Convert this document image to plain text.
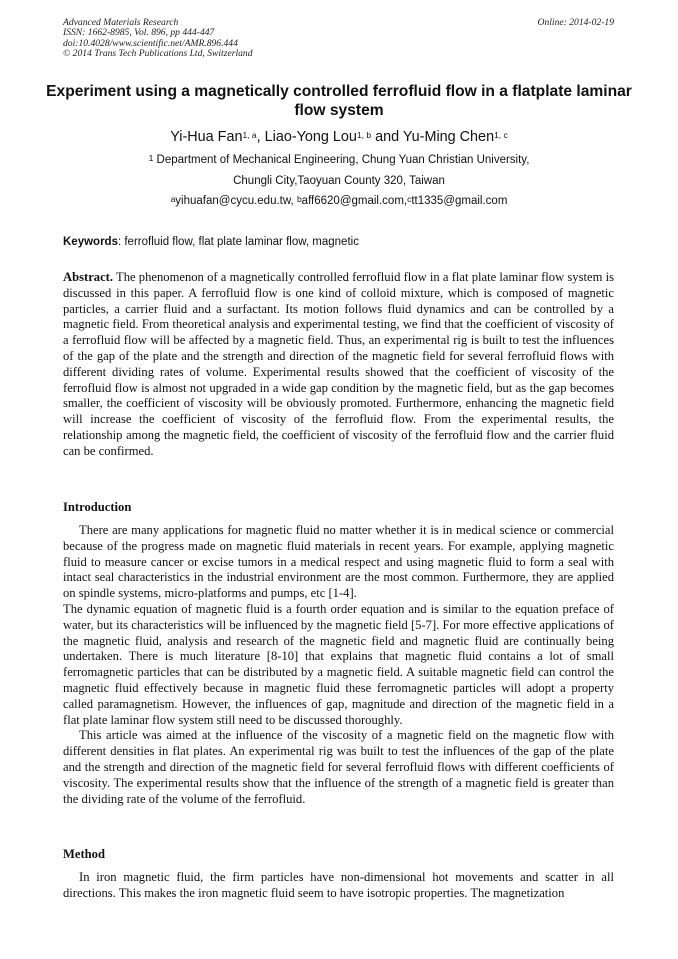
Advanced Materials Research
ISSN: 1662-8985, Vol. 896, pp 444-447
doi:10.4028/www.scientific.net/AMR.896.444
© 2014 Trans Tech Publications Ltd, Switzerland
Online: 2014-02-19
Experiment using a magnetically controlled ferrofluid flow in a flatplate laminar flow system
Yi-Hua Fan$^{1, a}$, Liao-Yong Lou$^{1, b}$ and Yu-Ming Chen$^{1, c}$
$^1$ Department of Mechanical Engineering, Chung Yuan Christian University,
Chungli City,Taoyuan County 320, Taiwan
$^a$yihuafan@cycu.edu.tw, $^b$aff6620@gmail.com,$^c$tt1335@gmail.com
Keywords: ferrofluid flow, flat plate laminar flow, magnetic
Abstract. The phenomenon of a magnetically controlled ferrofluid flow in a flat plate laminar flow system is discussed in this paper. A ferrofluid flow is one kind of colloid mixture, which is composed of magnetic particles, a carrier fluid and a surfactant. Its motion follows fluid dynamics and can be controlled by a magnetic field. From theoretical analysis and experimental testing, we find that the coefficient of viscosity of a ferrofluid flow will be affected by a magnetic field. Thus, an experimental rig is built to test the influences of the gap of the plate and the strength and direction of the magnetic field for several ferrofluid flows with different dividing rates of volume. Experimental results showed that the coefficient of viscosity of the ferrofluid flow is almost not upgraded in a wide gap condition by the magnetic field, but as the gap becomes smaller, the coefficient of viscosity will be obviously promoted. Furthermore, enhancing the magnetic field will increase the coefficient of viscosity of the ferrofluid flow. From the experimental results, the relationship among the magnetic field, the coefficient of viscosity of the ferrofluid flow and the carrier fluid can be confirmed.
Introduction

There are many applications for magnetic fluid no matter whether it is in medical science or commercial because of the progress made on magnetic fluid materials in recent years. For example, applying magnetic fluid to measure cancer or excise tumors in a medical respect and using magnetic fluid to form a seal with intact seal characteristics in the industrial environment are the most common. Furthermore, they are applied on spindle systems, micro-platforms and pumps, etc [1-4].

The dynamic equation of magnetic fluid is a fourth order equation and is similar to the equation preface of water, but its characteristics will be influenced by the magnetic field [5-7]. For more effective applications of the magnetic fluid, analysis and research of the magnetic field and magnetic fluid are continually being undertaken. There is much literature [8-10] that explains that magnetic fluid contains a lot of small ferromagnetic particles that can be distributed by a magnetic field. A suitable magnetic field can control the magnetic fluid effectively because in magnetic fluid these ferromagnetic particles will adopt a property called paramagnetism. However, the influences of gap, magnitude and direction of the magnetic field in a flat plate laminar flow system still need to be discussed thoroughly.

This article was aimed at the influence of the viscosity of a magnetic field on the magnetic flow with different densities in flat plates. An experimental rig was built to test the influences of the gap of the plate and the strength and direction of the magnetic field for several ferrofluid flows with different coefficients of viscosity. The experimental results show that the influence of the strength of a magnetic field is greater than the dividing rate of the volume of the ferrofluid.

Method

In iron magnetic fluid, the firm particles have non-dimensional hot movements and scatter in all directions. This makes the iron magnetic fluid seem to have isotropic properties. The magnetization
